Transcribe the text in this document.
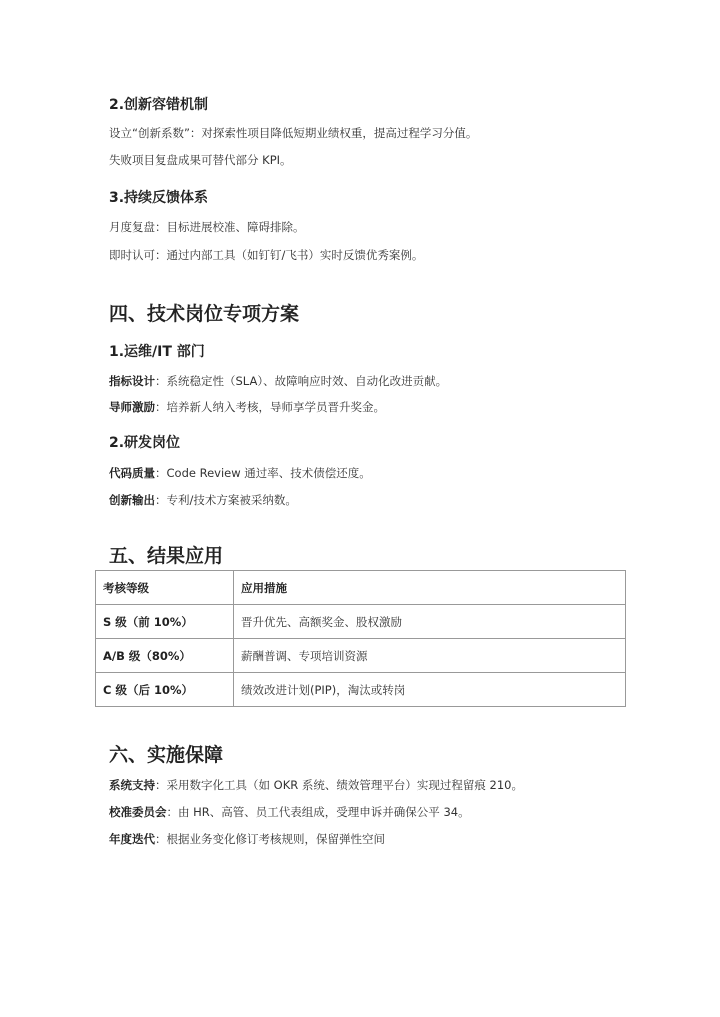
2.创新容错机制
设立“创新系数”：对探索性项目降低短期业绩权重，提高过程学习分值。
失败项目复盘成果可替代部分 KPI。
3.持续反馈体系
月度复盘：目标进展校准、障碍排除。
即时认可：通过内部工具（如钉钉/飞书）实时反馈优秀案例。
四、技术岗位专项方案
1.运维/IT 部门
指标设计：系统稳定性（SLA）、故障响应时效、自动化改进贡献。
导师激励：培养新人纳入考核，导师享学员晋升奖金。
2.研发岗位
代码质量：Code Review 通过率、技术债偿还度。
创新输出：专利/技术方案被采纳数。
五、结果应用
考核等级	应用措施
S 级（前 10%）	晋升优先、高额奖金、股权激励
A/B 级（80%）	薪酬普调、专项培训资源
C 级（后 10%）	绩效改进计划(PIP)，淘汰或转岗
六、实施保障
系统支持：采用数字化工具（如 OKR 系统、绩效管理平台）实现过程留痕 210。
校准委员会：由 HR、高管、员工代表组成，受理申诉并确保公平 34。
年度迭代：根据业务变化修订考核规则，保留弹性空间
